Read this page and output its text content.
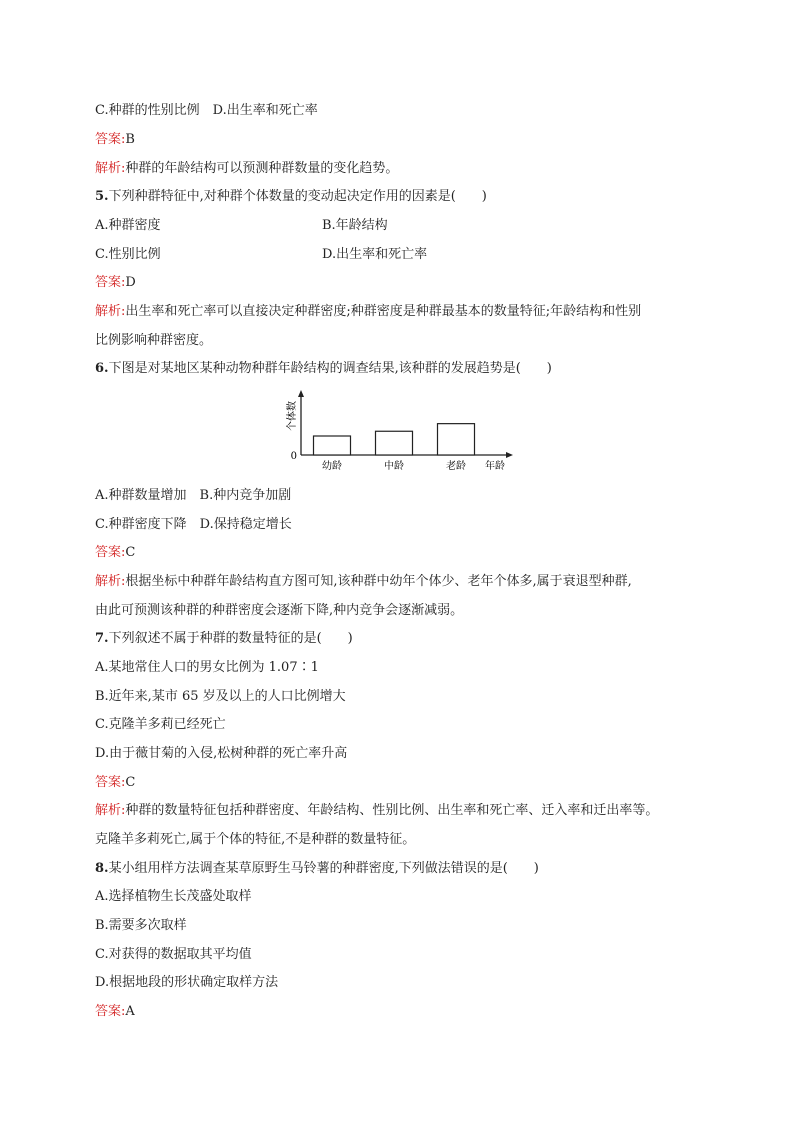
C.种群的性别比例　D.出生率和死亡率
答案:B
解析:种群的年龄结构可以预测种群数量的变化趋势。
5.下列种群特征中,对种群个体数量的变动起决定作用的因素是(　　)
A.种群密度	B.年龄结构
C.性别比例	D.出生率和死亡率
答案:D
解析:出生率和死亡率可以直接决定种群密度;种群密度是种群最基本的数量特征;年龄结构和性别
比例影响种群密度。
6.下图是对某地区某种动物种群年龄结构的调查结果,该种群的发展趋势是(　　)
个体数
0
幼龄	中龄	老龄 年龄
A.种群数量增加　B.种内竞争加剧
C.种群密度下降　D.保持稳定增长
答案:C
解析:根据坐标中种群年龄结构直方图可知,该种群中幼年个体少、老年个体多,属于衰退型种群,
由此可预测该种群的种群密度会逐渐下降,种内竞争会逐渐减弱。
7.下列叙述不属于种群的数量特征的是(　　)
A.某地常住人口的男女比例为 1.07∶1
B.近年来,某市 65 岁及以上的人口比例增大
C.克隆羊多莉已经死亡
D.由于薇甘菊的入侵,松树种群的死亡率升高
答案:C
解析:种群的数量特征包括种群密度、年龄结构、性别比例、出生率和死亡率、迁入率和迁出率等。
克隆羊多莉死亡,属于个体的特征,不是种群的数量特征。
8.某小组用样方法调查某草原野生马铃薯的种群密度,下列做法错误的是(　　)
A.选择植物生长茂盛处取样
B.需要多次取样
C.对获得的数据取其平均值
D.根据地段的形状确定取样方法
答案:A
